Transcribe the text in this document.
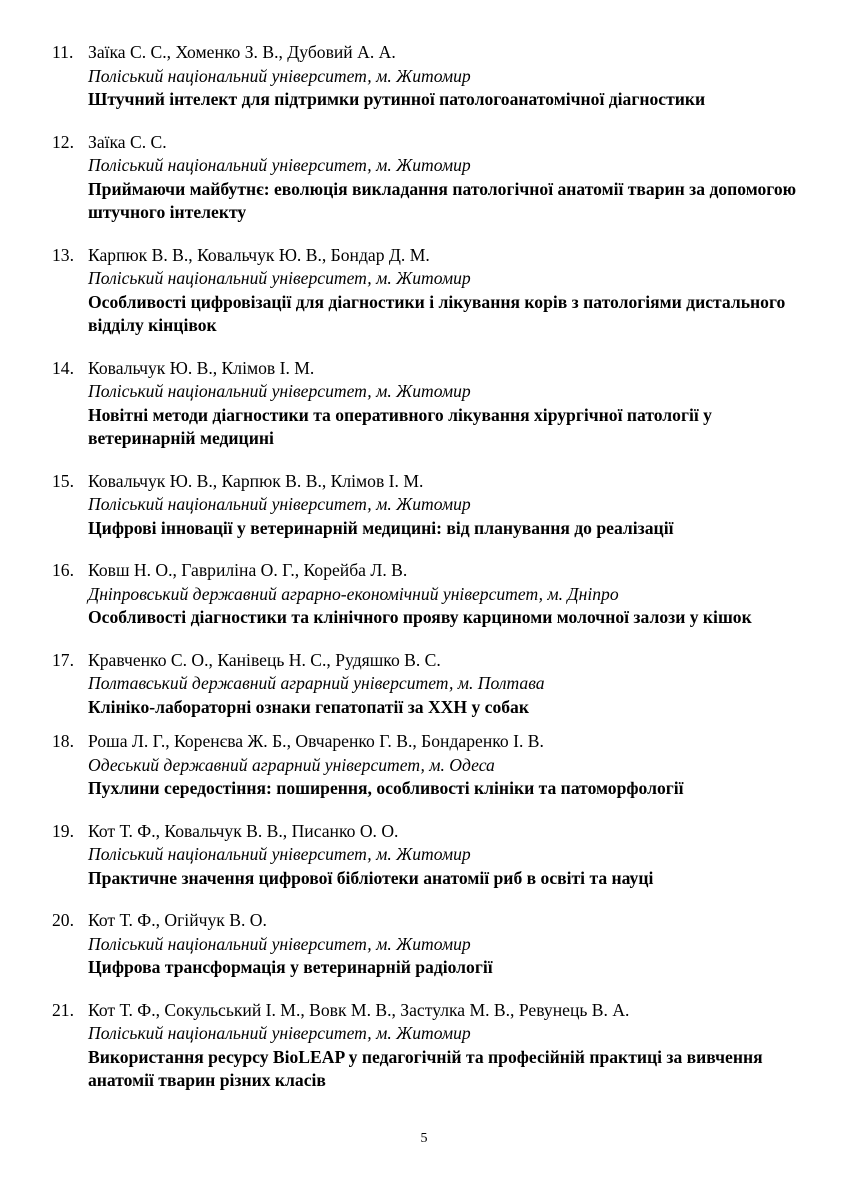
11. Заїка С. С., Хоменко З. В., Дубовий А. А.
Поліський національний університет, м. Житомир
Штучний інтелект для підтримки рутинної патологоанатомічної діагностики
12. Заїка С. С.
Поліський національний університет, м. Житомир
Приймаючи майбутнє: еволюція викладання патологічної анатомії тварин за допомогою штучного інтелекту
13. Карпюк В. В., Ковальчук Ю. В., Бондар Д. М.
Поліський національний університет, м. Житомир
Особливості цифровізації для діагностики і лікування корів з патологіями дистального відділу кінцівок
14. Ковальчук Ю. В., Клімов І. М.
Поліський національний університет, м. Житомир
Новітні методи діагностики та оперативного лікування хірургічної патології у ветеринарній медицині
15. Ковальчук Ю. В., Карпюк В. В., Клімов І. М.
Поліський національний університет, м. Житомир
Цифрові інновації у ветеринарній медицині: від планування до реалізації
16. Ковш Н. О., Гавриліна О. Г., Корейба Л. В.
Дніпровський державний аграрно-економічний університет, м. Дніпро
Особливості діагностики та клінічного прояву карциноми молочної залози у кішок
17. Кравченко С. О., Канівець Н. С., Рудяшко В. С.
Полтавський державний аграрний університет, м. Полтава
Клініко-лабораторні ознаки гепатопатії за ХХН у собак
18. Роша Л. Г., Коренєва Ж. Б., Овчаренко Г. В., Бондаренко І. В.
Одеський державний аграрний університет, м. Одеса
Пухлини середостіння: поширення, особливості клініки та патоморфології
19. Кот Т. Ф., Ковальчук В. В., Писанко О. О.
Поліський національний університет, м. Житомир
Практичне значення цифрової бібліотеки анатомії риб в освіті та науці
20. Кот Т. Ф., Огійчук В. О.
Поліський національний університет, м. Житомир
Цифрова трансформація у ветеринарній радіології
21. Кот Т. Ф., Сокульський І. М., Вовк М. В., Застулка М. В., Ревунець В. А.
Поліський національний університет, м. Житомир
Використання ресурсу BioLEAP у педагогічній та професійній практиці за вивчення анатомії тварин різних класів
5
